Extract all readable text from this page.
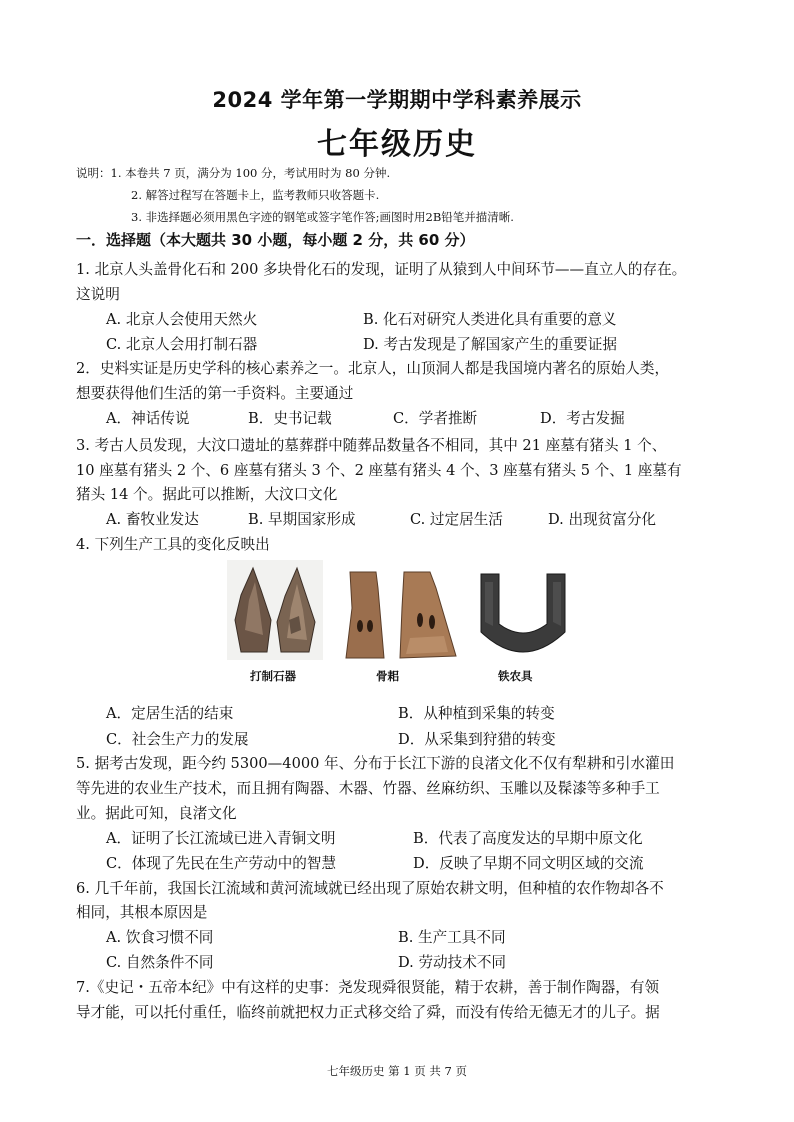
2024 学年第一学期期中学科素养展示
七年级历史
说明：1. 本卷共 7 页，满分为 100 分，考试用时为 80 分钟.
2. 解答过程写在答题卡上，监考教师只收答题卡.
3. 非选择题必须用黑色字迹的钢笔或签字笔作答;画图时用2B铅笔并描清晰.
一．选择题（本大题共 30 小题，每小题 2 分，共 60 分）
1. 北京人头盖骨化石和 200 多块骨化石的发现，证明了从猿到人中间环节——直立人的存在。
这说明
A. 北京人会使用天然火	B. 化石对研究人类进化具有重要的意义
C. 北京人会用打制石器	D. 考古发现是了解国家产生的重要证据
2．史料实证是历史学科的核心素养之一。北京人，山顶洞人都是我国境内著名的原始人类，
想要获得他们生活的第一手资料。主要通过
A．神话传说	B．史书记载	C．学者推断	D．考古发掘
3. 考古人员发现，大汶口遗址的墓葬群中随葬品数量各不相同，其中 21 座墓有猪头 1 个、
10 座墓有猪头 2 个、6 座墓有猪头 3 个、2 座墓有猪头 4 个、3 座墓有猪头 5 个、1 座墓有
猪头 14 个。据此可以推断，大汶口文化
A. 畜牧业发达	B. 早期国家形成	C. 过定居生活	D. 出现贫富分化
4. 下列生产工具的变化反映出
打制石器	骨耜	铁农具
A．定居生活的结束	B．从种植到采集的转变
C．社会生产力的发展	D．从采集到狩猎的转变
5. 据考古发现，距今约 5300—4000 年、分布于长江下游的良渚文化不仅有犁耕和引水灌田
等先进的农业生产技术，而且拥有陶器、木器、竹器、丝麻纺织、玉雕以及髹漆等多种手工
业。据此可知，良渚文化
A．证明了长江流域已进入青铜文明	B．代表了高度发达的早期中原文化
C．体现了先民在生产劳动中的智慧	D．反映了早期不同文明区域的交流
6. 几千年前，我国长江流域和黄河流域就已经出现了原始农耕文明，但种植的农作物却各不
相同，其根本原因是
A. 饮食习惯不同	B. 生产工具不同
C. 自然条件不同	D. 劳动技术不同
7.《史记・五帝本纪》中有这样的史事：尧发现舜很贤能，精于农耕，善于制作陶器，有领
导才能，可以托付重任，临终前就把权力正式移交给了舜，而没有传给无德无才的儿子。据
七年级历史 第 1 页 共 7 页
